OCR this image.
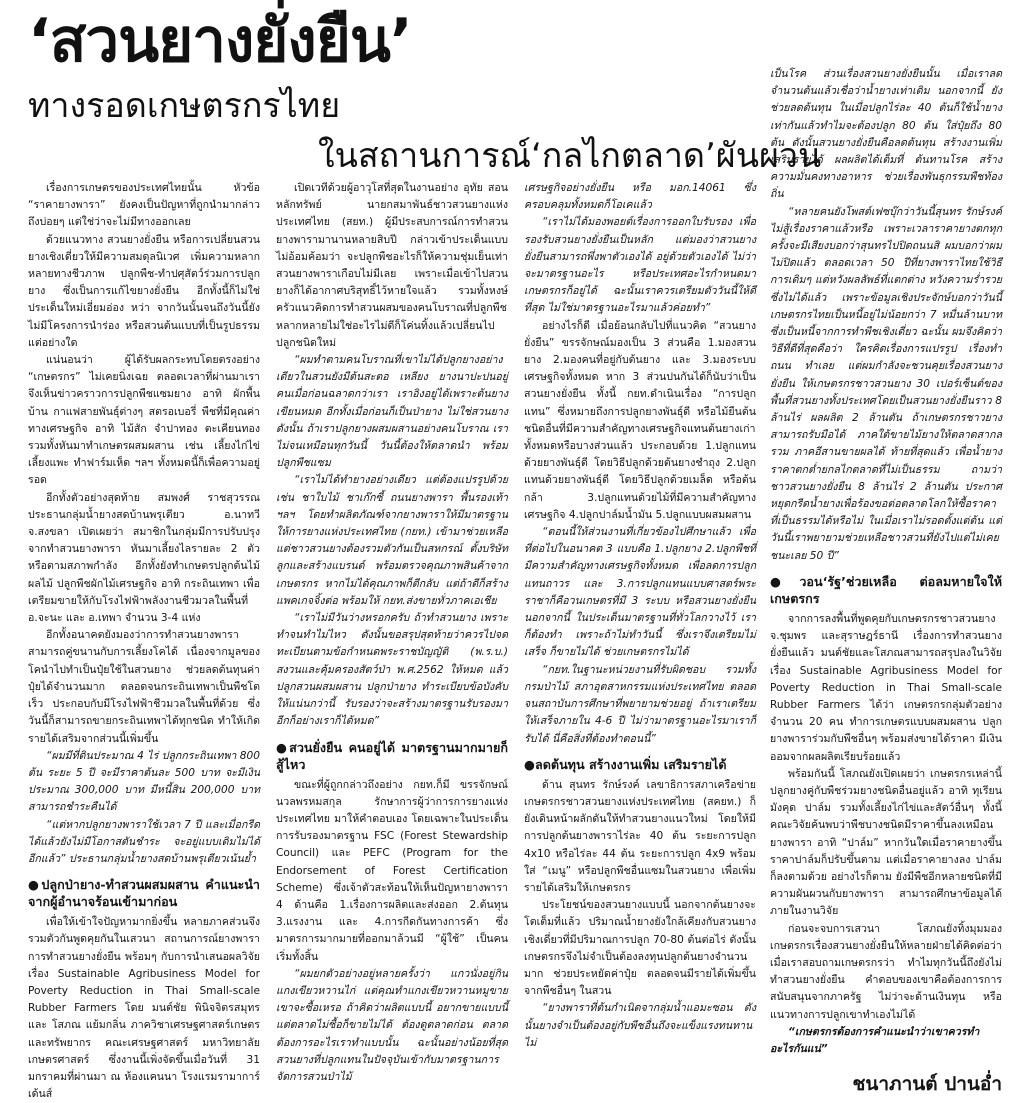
‘สวนยางยั่งยืน’
ทางรอดเกษตรกรไทย
ในสถานการณ์‘กลไกตลาด’ผันผวน

เรื่องการเกษตรของประเทศไทยนั้น หัวข้อ “ราคายางพารา” ยังคงเป็นปัญหาที่ถูกนำมากล่าวถึงบ่อยๆ แต่ใช่ว่าจะไม่มีทางออกเลย

ด้วยแนวทาง สวนยางยั่งยืน หรือการเปลี่ยนสวนยางเชิงเดี่ยวให้มีความสมดุลนิเวศ เพิ่มความหลากหลายทางชีวภาพ ปลูกพืช-ทำปศุสัตว์ร่วมการปลูกยาง ซึ่งเป็นการแก้ไขยางยั่งยืน อีกทั้งนี้ก็ไม่ใช่ประเด็นใหม่เอี่ยมอ่อง หว่า จากวันนั้นจนถึงวันนี้ยังไม่มีโครงการนำร่อง หรือสวนต้นแบบที่เป็นรูปธรรมแต่อย่างใด

แน่นอนว่า ผู้ได้รับผลกระทบโดยตรงอย่าง “เกษตรกร” ไม่เคยนิ่งเฉย ตลอดเวลาที่ผ่านมาเราจึงเห็นข่าวคราวการปลูกพืชแซมยาง อาทิ ผักพื้นบ้าน กาแฟสายพันธุ์ต่างๆ สตรอเบอรี่ พืชที่มีคุณค่าทางเศรษฐกิจ อาทิ ไม้สัก จำปาทอง ตะเคียนทอง รวมทั้งหันมาทำเกษตรผสมผสาน เช่น เลี้ยงไก่ไข่ เลี้ยงแพะ ทำฟาร์มเห็ด ฯลฯ ทั้งหมดนี้ก็เพื่อความอยู่รอด

อีกทั้งตัวอย่างสุดท้าย สมพงศ์ ราชสุวรรณ ประธานกลุ่มน้ำยางสดบ้านพรุเตียว อ.นาทวี จ.สงขลา เปิดเผยว่า สมาชิกในกลุ่มมีการปรับปรุงจากทำสวนยางพารา หันมาเลี้ยงไลรายละ 2 ตัว หรือตามสภาพกำลัง อีกทั้งยังทำเกษตรปลูกต้นไม้ ผลไม้ ปลูกพืชผักไม้เศรษฐกิจ อาทิ กระถินเทพา เพื่อเตรียมขายให้กับโรงไฟฟ้าพลังงานชีวมวลในพื้นที่ อ.จะนะ และ อ.เทพา จำนวน 3-4 แห่ง

อีกทั้งอนาคตยังมองว่าการทำสวนยางพาราสามารถคู่ขนานกับการเลี้ยงโคได้ เนื่องจากมูลของโคนำไปทำเป็นปุ๋ยใช้ในสวนยาง ช่วยลดต้นทุนค่าปุ๋ยได้จำนวนมาก ตลอดจนกระถินเทพาเป็นพืชโตเร็ว ประกอบกับมีโรงไฟฟ้าชีวมวลในพื้นที่ด้วย ซึ่งวันนี้ก็สามารถขายกระถินเทพาได้ทุกชนิด ทำให้เกิดรายได้เสริมจากส่วนนี้เพิ่มขึ้น

“ผมมีที่ดินประมาณ 4 ไร่ ปลูกกระถินเทพา 800 ต้น ระยะ 5 ปี จะมีราคาต้นละ 500 บาท จะมีเงินประมาณ 300,000 บาท มีหนี้สิน 200,000 บาท สามารถชำระคืนได้

“แต่หากปลูกยางพาราใช้เวลา 7 ปี และเมื่อกรีดได้แล้วยังไม่มีโอกาสตันชำระ จะอยู่แบบเดิมไม่ได้อีกแล้ว” ประธานกลุ่มน้ำยางสดบ้านพรุเตียวเน้นย้ำ

●ปลูกป่ายาง-ทำสวนผสมผสาน คำแนะนำจากผู้อำนาจร้อนเข้ามาก่อน

เพื่อให้เข้าใจปัญหามากยิ่งขึ้น หลายภาคส่วนจึงรวมตัวกันพูดคุยกันในเสวนา สถานการณ์ยางพาราการทำสวนยางยั่งยืน พร้อมๆ กับการนำเสนอผลวิจัยเรื่อง Sustainable Agribusiness Model for Poverty Reduction in Thai Small-scale Rubber Farmers โดย มนต์ชัย พินิจจิตรสมุทร และ โสภณ แย้มกลิ่น ภาควิชาเศรษฐศาสตร์เกษตรและทรัพยากร คณะเศรษฐศาสตร์ มหาวิทยาลัยเกษตรศาสตร์ ซึ่งงานนี้เพิ่งจัดขึ้นเมื่อวันที่ 31 มกราคมที่ผ่านมา ณ ห้องแคนนา โรงแรมรามาการ์เด้นส์

เปิดเวทีด้วยผู้อาวุโสที่สุดในงานอย่าง อุทัย สอนหลักทรัพย์ นายกสมาพันธ์ชาวสวนยางแห่งประเทศไทย (สยท.) ผู้มีประสบการณ์การทำสวนยางพารามานานหลายสิบปี กล่าวเข้าประเด็นแบบไม่อ้อมค้อมว่า จะปลูกพืชอะไรก็ให้ความชุ่มเย็นเท่าสวนยางพาราเกือบไม่มีเลย เพราะเมื่อเข้าไปสวนยางก็ได้อากาศบริสุทธิ์ไว้หายใจแล้ว รวมทั้งหงษ์ครัวแนวคิดการทำสวนผสมของคนโบราณที่ปลูกพืชหลากหลายไม่ใช่อะไรไม่ดีก็โค่นทิ้งแล้วเปลี่ยนไปปลูกชนิดใหม่

“ผมทำตามคนโบราณที่เขาไม่ได้ปลูกยางอย่างเดียวในสวนยังมีต้นสะตอ เหลียง ยางนาปะปนอยู่ คนเมื่อก่อนฉลาดกว่าเรา เราอิงอยู่ได้เพราะต้นยางเขียนหมด อีกทั้งเมื่อก่อนก็เป็นป่ายาง ไม่ใช่สวนยางดังนั้น ถ้าเราปลูกยางผสมผสานอย่างคนโบราณ เราไม่จนเหมือนทุกวันนี้ วันนี้ต้องให้ตลาดนำ พร้อมปลูกพืชแซม

“เราไม่ได้ทำยางอย่างเดียว แต่ต้องแปรรูปด้วยเช่น ชาใบไม้ ชาเก๊กซี้ ถนนยางพารา พื้นรองเท้า ฯลฯ โดยทำผลิตภัณฑ์จากยางพาราให้มีมาตรฐาน ให้การยางแห่งประเทศไทย (กยท.) เข้ามาช่วยเหลือ แต่ชาวสวนยางต้องรวมตัวกันเป็นสหกรณ์ ตั้งบริษัทลูกและสร้างแบรนด์ พร้อมตรวจคุณภาพสินค้าจากเกษตรกร หากไม่ได้คุณภาพก็ตีกลับ แต่ถ้าดีก็สร้างแพคเกจจิ้งต่อ พร้อมให้ กยท.ส่งขายทั่วภาคเอเชีย

“เราไม่มีวันว่างหรอกครับ ถ้าทำสวนยาง เพราะทำจนทำไม่ไหว ดังนั้นขอสรุปสุดท้ายว่าควรไปจดทะเบียนตามข้อกำหนดพระราชบัญญัติ (พ.ร.บ.) สงวนและคุ้มครองสัตว์ป่า พ.ศ.2562 ให้หมด แล้วปลูกสวนผสมผสาน ปลูกป่ายาง ทำระเบียบข้อบังคับให้แน่นกว่านี้ รับรองว่าจะสร้างมาตรฐานรับรองมาอีกก็อย่างเราก็ได้หมด”

●สวนยั่งยืน คนอยู่ได้ มาตรฐานมากมายก็สู้ไหว

ขณะที่ผู้ถูกกล่าวถึงอย่าง กยท.ก็มี ขรรจักษณ์ นวลพรหมสกุล รักษาการผู้ว่าการการยางแห่งประเทศไทย มาให้คำตอบเอง โดยเฉพาะในประเด็นการรับรองมาตรฐาน FSC (Forest Stewardship Council) และ PEFC (Program for the Endorsement of Forest Certification Scheme) ซึ่งเจ้าตัวสะท้อนให้เห็นปัญหายางพารา 4 ด้านคือ 1.เรื่องการผลิตและส่งออก 2.ต้นทุน 3.แรงงาน และ 4.การกีดกันทางการค้า ซึ่งมาตรการมากมายที่ออกมาล้วนมี “ผู้ใช้” เป็นคนเริ่มทั้งสิ้น

“ผมยกตัวอย่างอยู่หลายครั้งว่า แกวนั่งอยู่กินแกงเขียวหวานไก่ แต่คุณทำแกงเขียวหวานหมูขาย เขาจะซื้อเหรอ ถ้าคิดว่าผลิตแบบนี้ อยากขายแบบนี้ แต่ตลาดไม่ซื้อก็ขายไม่ได้ ต้องดูตลาดก่อน ตลาดต้องการอะไรเราทำแบบนั้น ฉะนั้นอย่างน้อยที่สุดสวนยางที่ปลูกแทนในปัจจุบันเข้ากับมาตรฐานการจัดการสวนป่าไม้

เศรษฐกิจอย่างยั่งยืน หรือ มอก.14061 ซึ่งครอบคลุมทั้งหมดก็โอเคแล้ว

“เราไม่ได้มองพอยต์เรื่องการออกใบรับรอง เพื่อรองรับสวนยางยั่งยืนเป็นหลัก แต่มองว่าสวนยางยั่งยืนสามารถพึ่งพาตัวเองได้ อยู่ด้วยตัวเองได้ ไม่ว่าจะมาตรฐานอะไร หรือประเทศอะไรกำหนดมา เกษตรกรก็อยู่ได้ ฉะนั้นเราควรเตรียมตัววันนี้ให้ดีที่สุด ไม่ใช่มาตรฐานอะไรมาแล้วค่อยทำ”

อย่างไรก็ดี เมื่อย้อนกลับไปที่แนวคิด “สวนยางยั่งยืน” ขรรจักษณ์มองเป็น 3 ส่วนคือ 1.มองสวนยาง 2.มองคนที่อยู่กับต้นยาง และ 3.มองระบบเศรษฐกิจทั้งหมด หาก 3 ส่วนปนกันได้ก็นับว่าเป็นสวนยางยั่งยืน ทั้งนี้ กยท.ดำเนินเรื่อง “การปลูกแทน” ซึ่งหมายถึงการปลูกยางพันธุ์ดี หรือไม้ยืนต้นชนิดอื่นที่มีความสำคัญทางเศรษฐกิจแทนต้นยางเก่าทั้งหมดหรือบางส่วนแล้ว ประกอบด้วย 1.ปลูกแทนด้วยยางพันธุ์ดี โดยวิธีปลูกด้วยต้นยางชำถุง 2.ปลูกแทนด้วยยางพันธุ์ดี โดยวิธีปลูกด้วยเมล็ด หรือต้นกล้า 3.ปลูกแทนด้วยไม้ที่มีความสำคัญทางเศรษฐกิจ 4.ปลูกปาล์มน้ำมัน 5.ปลูกแบบผสมผสาน

“ตอนนี้ให้ส่วนงานที่เกี่ยวข้องไปศึกษาแล้ว เพื่อที่ต่อไปในอนาคต 3 แบบคือ 1.ปลูกยาง 2.ปลูกพืชที่มีความสำคัญทางเศรษฐกิจทั้งหมด เพื่อลดการปลูกแทนถาวร และ 3.การปลูกแทนแบบศาสตร์พระราชาก็คือวนเกษตรที่มี 3 ระบบ หรือสวนยางยั่งยืน นอกจากนี้ ในประเด็นมาตรฐานที่ทั่วโลกวางไว้ เราก็ต้องทำ เพราะถ้าไม่ทำวันนี้ ซึ่งเราจึงเตรียมไม่เสร็จ ก็ขายไม่ได้ ช่วยเกษตรกรไม่ได้

“กยท.ในฐานะหน่วยงานที่รับผิดชอบ รวมทั้งกรมป่าไม้ สภาอุตสาหกรรมแห่งประเทศไทย ตลอดจนสถาบันการศึกษาที่พยายามช่วยอยู่ ถ้าเราเตรียมให้เสร็จภายใน 4-6 ปี ไม่ว่ามาตรฐานอะไรมาเราก็รับได้ นี่คือสิ่งที่ต้องทำตอนนี้”

●ลดต้นทุน สร้างงานเพิ่ม เสริมรายได้

ด้าน สุนทร รักษ์รงค์ เลขาธิการสภาเครือข่ายเกษตรกรชาวสวนยางแห่งประเทศไทย (สคยท.) ก็ยังเดินหน้าผลักดันให้ทำสวนยางแนวใหม่ โดยให้มีการปลูกต้นยางพาราไร่ละ 40 ต้น ระยะการปลูก 4x10 หรือไร่ละ 44 ต้น ระยะการปลูก 4x9 พร้อมใส่ “เมนู” หรือปลูกพืชอื่นแซมในสวนยาง เพื่อเพิ่มรายได้เสริมให้เกษตรกร

ประโยชน์ของสวนยางแบบนี้ นอกจากต้นยางจะโตเต็มที่แล้ว ปริมาณน้ำยางยังใกล้เคียงกับสวนยางเชิงเดี่ยวที่มีปริมาณการปลูก 70-80 ต้นต่อไร่ ดังนั้นเกษตรกรจึงไม่จำเป็นต้องลงทุนปลูกต้นยางจำนวนมาก ช่วยประหยัดค่าปุ๋ย ตลอดจนมีรายได้เพิ่มขึ้นจากพืชอื่นๆ ในสวน

“ยางพาราที่ต้นกำเนิดจากลุ่มน้ำแอมะซอน ดังนั้นยางจำเป็นต้องอยู่กับพืชอื่นถึงจะแข็งแรงทนทาน ไม่

เป็นโรค ส่วนเรื่องสวนยางยั่งยืนนั้น เมื่อเราลดจำนวนต้นแล้วเชื่อว่าน้ำยางเท่าเดิม นอกจากนี้ ยังช่วยลดต้นทุน ในเมื่อปลูกไร่ละ 40 ต้นก็ใช้น้ำยางเท่ากันแล้วทำไมจะต้องปลูก 80 ต้น ใส่ปุ๋ยถึง 80 ต้น ดังนั้นสวนยางยั่งยืนคือลดต้นทุน สร้างงานเพิ่ม เสริมรายได้ ผลผลิตได้เต็มที่ ต้นทานโรค สร้างความมั่นคงทางอาหาร ช่วยเรื่องพันธุกรรมพืชท้องถิ่น

“หลายคนยังโพสต์เฟซบุ๊กว่าวันนี้สุนทร รักษ์รงค์ ไม่สู้เรื่องราคาแล้วหรือ เพราะเวลาราคายางตกทุกครั้งจะมีเสียงบอกว่าสุนทรไปปิดถนนสิ ผมบอกว่าผมไม่ปิดแล้ว ตลอดเวลา 50 ปีที่ยางพาราไทยใช้วิธีการเดิมๆ แต่หวังผลลัพธ์ที่แตกต่าง หวังความร่ำรวย ซึ่งไม่ได้แล้ว เพราะข้อมูลเชิงประจักษ์บอกว่าวันนี้เกษตรกรไทยเป็นหนี้อยู่ไม่น้อยกว่า 7 หมื่นล้านบาท ซึ่งเป็นหนี้จากการทำพืชเชิงเดี่ยว ฉะนั้น ผมจึงคิดว่าวิธีที่ดีที่สุดคือว่า ใครคิดเรื่องการแปรรูป เรื่องทำถนน ทำเลย แต่ผมกำลังจะชวนคุยเรื่องสวนยางยั่งยืน ให้เกษตรกรชาวสวนยาง 30 เปอร์เซ็นต์ของพื้นที่สวนยางทั้งประเทศโดยเป็นสวนยางยั่งยืนราว 8 ล้านไร่ ผลผลิต 2 ล้านตัน ถ้าเกษตรกรชาวยางสามารถรับมือได้ ภาคใต้ขายไม้ยางให้ตลาดสากลรวม ภาคอีสานขายผลได้ ท้ายที่สุดแล้ว เพื่อน้ำยางราคาตกต่ำยกลไกตลาดที่ไม่เป็นธรรม ถามว่าชาวสวนยางยั่งยืน 8 ล้านไร่ 2 ล้านตัน ประกาศหยุดกรีดน้ำยางเพื่อร้องขอต่อตลาดโลกให้ซื้อราคาที่เป็นธรรมได้หรือไม่ ในเมื่อเราไม่รอดตั้งแต่ต้น แต่วันนี้เราพยายามช่วยเหลือชาวสวนที่ยังไปแต่ไม่เคยชนะเลย 50 ปี”

●วอน‘รัฐ’ช่วยเหลือ ต่อลมหายใจให้เกษตรกร

จากการลงพื้นที่พูดคุยกับเกษตรกรชาวสวนยาง จ.ชุมพร และสุราษฎร์ธานี เรื่องการทำสวนยางยั่งยืนแล้ว มนต์ชัยและโสภณสามารถสรุปลงในวิจัยเรื่อง Sustainable Agribusiness Model for Poverty Reduction in Thai Small-scale Rubber Farmers ได้ว่า เกษตรกรกลุ่มตัวอย่าง จำนวน 20 คน ทำการเกษตรแบบผสมผสาน ปลูกยางพาราร่วมกับพืชอื่นๆ พร้อมส่งขายได้ราคา มีเงินออมจากผลผลิตเรียบร้อยแล้ว

พร้อมกันนี้ โสภณยังเปิดเผยว่า เกษตรกรเหล่านี้ปลูกยางคู่กับพืชร่วมยางชนิดอื่นอยู่แล้ว อาทิ ทุเรียน มังคุด ปาล์ม รวมทั้งเลี้ยงไก่ไข่และสัตว์อื่นๆ ทั้งนี้คณะวิจัยค้นพบว่าพืชบางชนิดมีราคาขึ้นลงเหมือนยางพารา อาทิ “ปาล์ม” หากวันใดเมื่อราคายางขึ้น ราคาปาล์มก็ปรับขึ้นตาม แต่เมื่อราคายางลง ปาล์มก็ลงตามด้วย อย่างไรก็ตาม ยังมีพืชอีกหลายชนิดที่มีความผันผวนกับยางพารา สามารถศึกษาข้อมูลได้ภายในงานวิจัย

ก่อนจะจบการเสวนา โสภณยังทิ้งมุมมองเกษตรกรเรื่องสวนยางยั่งยืนให้หลายฝ่ายได้คิดต่อว่า เมื่อเราสอบถามเกษตรกรว่า ทำไมทุกวันนี้ถึงยังไม่ทำสวนยางยั่งยืน คำตอบของเขาคือต้องการการสนับสนุนจากภาครัฐ ไม่ว่าจะด้านเงินทุน หรือแนวทางการปลูกเขาทำเองไม่ได้

“เกษตรกรต้องการคำแนะนำว่าเขาควรทำอะไรกันแน่”

ชนาภานต์ ปานอ่ำ
